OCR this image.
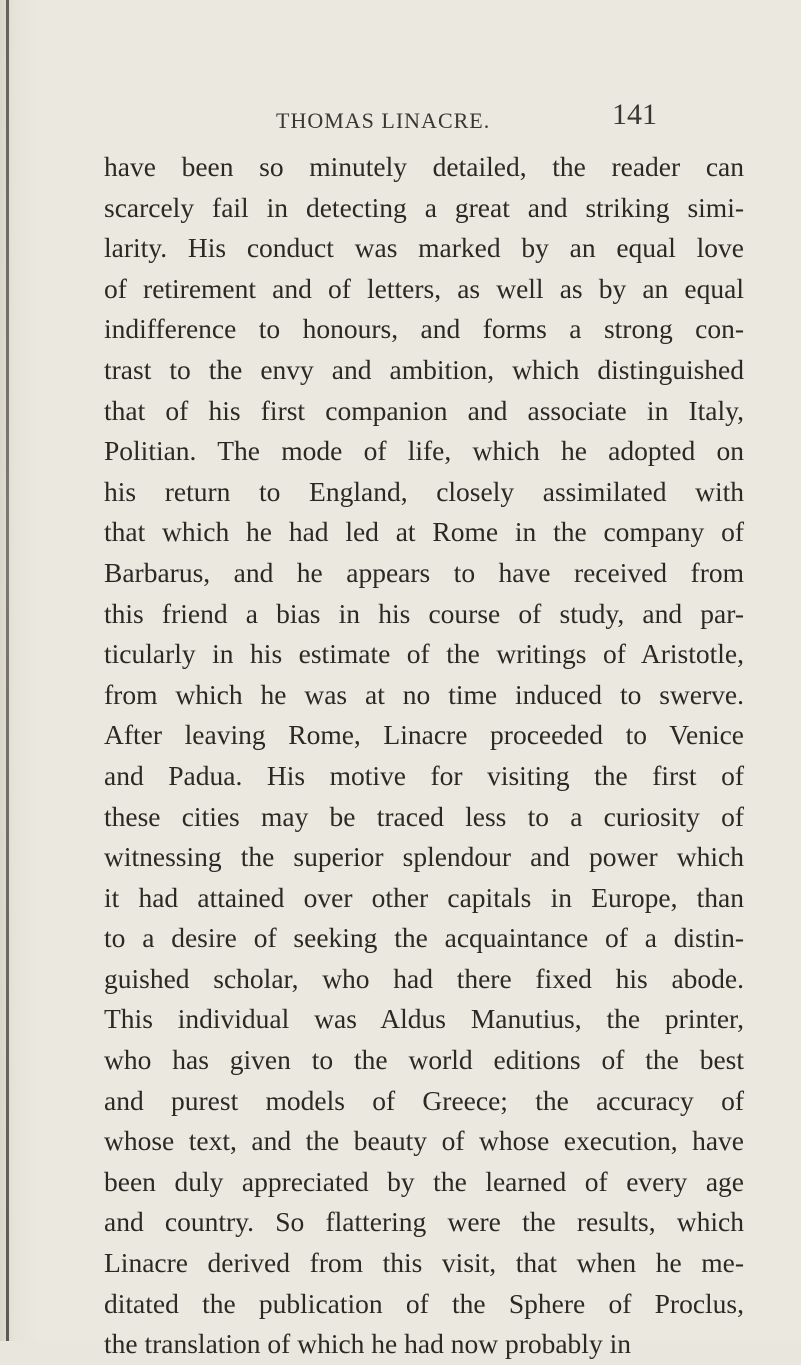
THOMAS LINACRE.	141
have been so minutely detailed, the reader can
scarcely fail in detecting a great and striking simi-
larity. His conduct was marked by an equal love
of retirement and of letters, as well as by an equal
indifference to honours, and forms a strong con-
trast to the envy and ambition, which distinguished
that of his first companion and associate in Italy,
Politian. The mode of life, which he adopted on
his return to England, closely assimilated with
that which he had led at Rome in the company of
Barbarus, and he appears to have received from
this friend a bias in his course of study, and par-
ticularly in his estimate of the writings of Aristotle,
from which he was at no time induced to swerve.
After leaving Rome, Linacre proceeded to Venice
and Padua. His motive for visiting the first of
these cities may be traced less to a curiosity of
witnessing the superior splendour and power which
it had attained over other capitals in Europe, than
to a desire of seeking the acquaintance of a distin-
guished scholar, who had there fixed his abode.
This individual was Aldus Manutius, the printer,
who has given to the world editions of the best
and purest models of Greece; the accuracy of
whose text, and the beauty of whose execution, have
been duly appreciated by the learned of every age
and country. So flattering were the results, which
Linacre derived from this visit, that when he me-
ditated the publication of the Sphere of Proclus,
the translation of which he had now probably in
